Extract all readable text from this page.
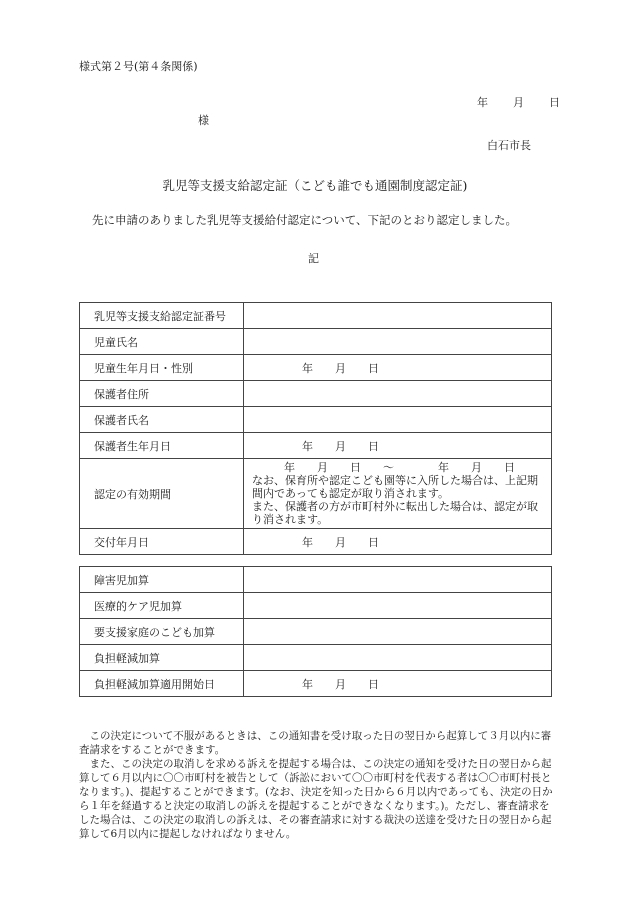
様式第２号(第４条関係)
年　　月　　日
様
白石市長
乳児等支援支給認定証（こども誰でも通園制度認定証)
先に申請のありました乳児等支援給付認定について、下記のとおり認定しました。
記
乳児等支援支給認定証番号	
児童氏名	
児童生年月日・性別	年　　月　　日
保護者住所	
保護者氏名	
保護者生年月日	年　　月　　日
認定の有効期間	年　　月　　日　　～　　　　年　　月　　日
なお、保育所や認定こども園等に入所した場合は、上記期間内であっても認定が取り消されます。
また、保護者の方が市町村外に転出した場合は、認定が取り消されます。

交付年月日	年　　月　　日
障害児加算	
医療的ケア児加算	
要支援家庭のこども加算	
負担軽減加算	
負担軽減加算適用開始日	年　　月　　日

この決定について不服があるときは、この通知書を受け取った日の翌日から起算して３月以内に審査請求をすることができます。

また、この決定の取消しを求める訴えを提起する場合は、この決定の通知を受けた日の翌日から起算して６月以内に〇〇市町村を被告として（訴訟において〇〇市町村を代表する者は〇〇市町村長となります。)、提起することができます。(なお、決定を知った日から６月以内であっても、決定の日から１年を経過すると決定の取消しの訴えを提起することができなくなります。)。ただし、審査請求をした場合は、この決定の取消しの訴えは、その審査請求に対する裁決の送達を受けた日の翌日から起算して6月以内に提起しなければなりません。
